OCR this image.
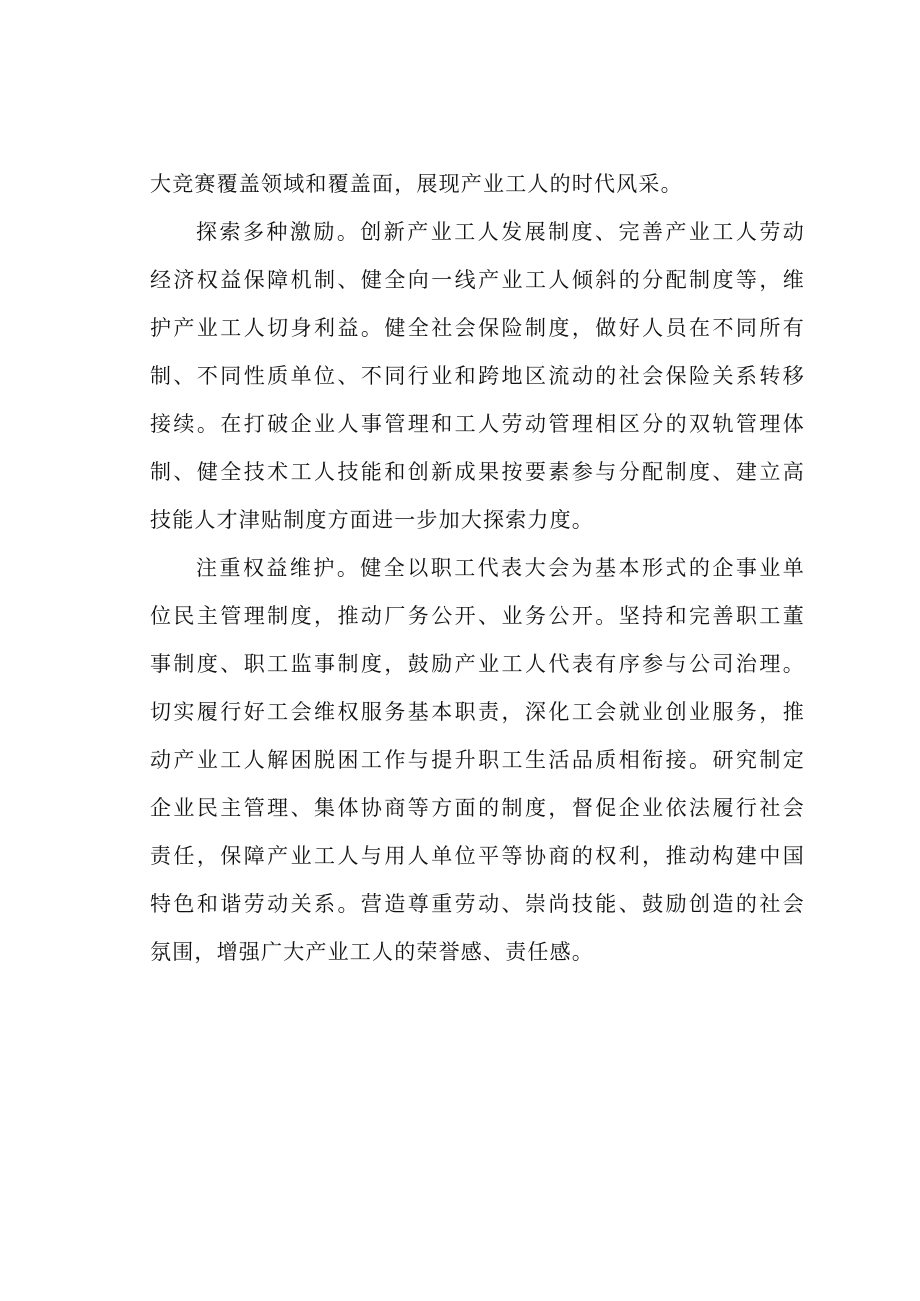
大竞赛覆盖领域和覆盖面，展现产业工人的时代风采。
探索多种激励。创新产业工人发展制度、完善产业工人劳动
经济权益保障机制、健全向一线产业工人倾斜的分配制度等，维
护产业工人切身利益。健全社会保险制度，做好人员在不同所有
制、不同性质单位、不同行业和跨地区流动的社会保险关系转移
接续。在打破企业人事管理和工人劳动管理相区分的双轨管理体
制、健全技术工人技能和创新成果按要素参与分配制度、建立高
技能人才津贴制度方面进一步加大探索力度。
注重权益维护。健全以职工代表大会为基本形式的企事业单
位民主管理制度，推动厂务公开、业务公开。坚持和完善职工董
事制度、职工监事制度，鼓励产业工人代表有序参与公司治理。
切实履行好工会维权服务基本职责，深化工会就业创业服务，推
动产业工人解困脱困工作与提升职工生活品质相衔接。研究制定
企业民主管理、集体协商等方面的制度，督促企业依法履行社会
责任，保障产业工人与用人单位平等协商的权利，推动构建中国
特色和谐劳动关系。营造尊重劳动、崇尚技能、鼓励创造的社会
氛围，增强广大产业工人的荣誉感、责任感。
